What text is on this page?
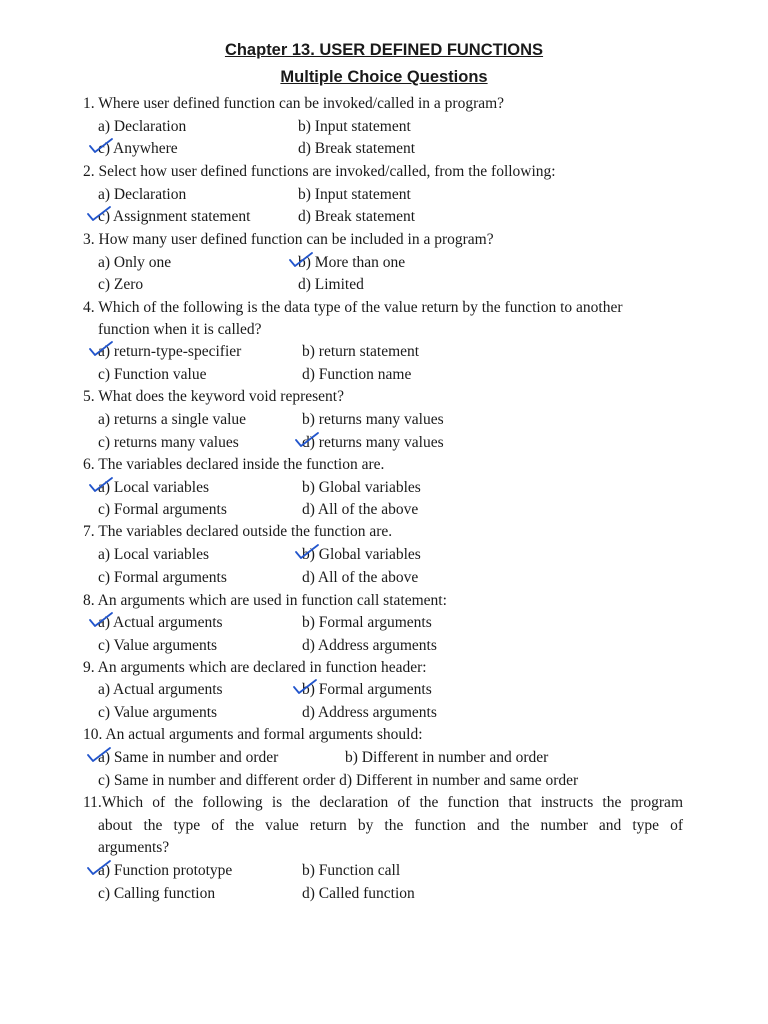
Chapter 13. USER DEFINED FUNCTIONS
Multiple Choice Questions
1. Where user defined function can be invoked/called in a program?
a) Declaration	b) Input statement
c) Anywhere	d) Break statement
2. Select how user defined functions are invoked/called, from the following:
a) Declaration	b) Input statement
c) Assignment statement	d) Break statement
3. How many user defined function can be included in a program?
a) Only one	b) More than one
c) Zero	d) Limited
4. Which of the following is the data type of the value return by the function to another
function when it is called?
a) return-type-specifier	b) return statement
c) Function value	d) Function name
5. What does the keyword void represent?
a) returns a single value	b) returns many values
c) returns many values	d) returns many values
6. The variables declared inside the function are.
a) Local variables	b) Global variables
c) Formal arguments	d) All of the above
7. The variables declared outside the function are.
a) Local variables	b) Global variables
c) Formal arguments	d) All of the above
8. An arguments which are used in function call statement:
a) Actual arguments	b) Formal arguments
c) Value arguments	d) Address arguments
9. An arguments which are declared in function header:
a) Actual arguments	b) Formal arguments
c) Value arguments	d) Address arguments
10. An actual arguments and formal arguments should:
a) Same in number and order	b) Different in number and order
c) Same in number and different order d) Different in number and same order
11.Which of the following is the declaration of the function that instructs the program
about the type of the value return by the function and the number and type of
arguments?
a) Function prototype	b) Function call
c) Calling function	d) Called function
